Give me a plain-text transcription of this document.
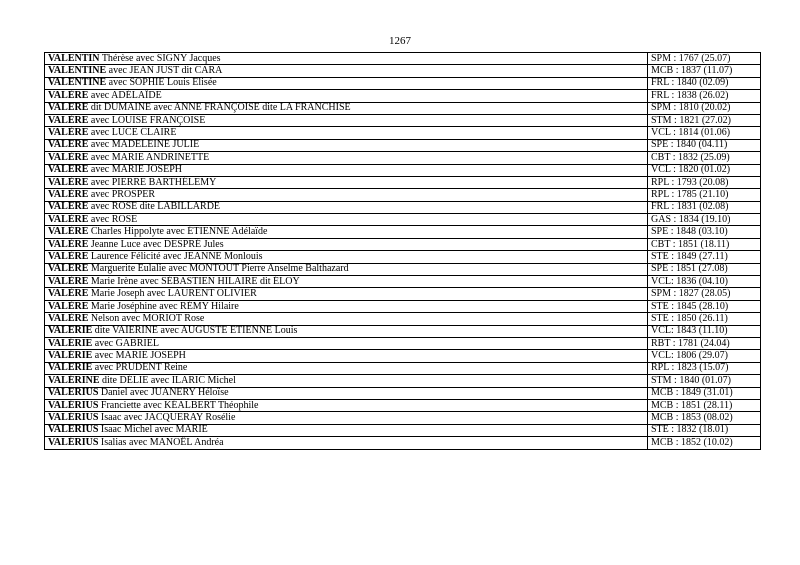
1267
VALENTIN Thérèse avec SIGNY Jacques	SPM : 1767 (25.07)
VALENTINE avec JEAN JUST dit CARA	MCB : 1837 (11.07)
VALENTINE avec SOPHIE Louis Élisée	FRL : 1840 (02.09)
VALÈRE avec ADÉLAÏDE	FRL : 1838 (26.02)
VALÈRE dit DUMAINE avec ANNE FRANÇOISE dite LA FRANCHISE	SPM : 1810 (20.02)
VALÈRE avec LOUISE FRANÇOISE	STM : 1821 (27.02)
VALÈRE avec LUCE CLAIRE	VCL : 1814 (01.06)
VALÈRE avec MADELEINE JULIE	SPE : 1840 (04.11)
VALÈRE avec MARIE ANDRINETTE	CBT : 1832 (25.09)
VALÈRE avec MARIE JOSEPH	VCL : 1820 (01.02)
VALÈRE avec PIERRE BARTHÉLEMY	RPL : 1793 (20.08)
VALÈRE avec PROSPER	RPL : 1785 (21.10)
VALÈRE avec ROSE dite LABILLARDE	FRL : 1831 (02.08)
VALÈRE avec ROSE	GAS : 1834 (19.10)
VALÈRE Charles Hippolyte avec ÉTIENNE Adélaïde	SPE : 1848 (03.10)
VALÈRE Jeanne Luce avec DESPRÉ Jules	CBT : 1851 (18.11)
VALÈRE Laurence Félicité avec JEANNE Monlouis	STE : 1849 (27.11)
VALÈRE Marguerite Eulalie avec MONTOUT Pierre Anselme Balthazard	SPE : 1851 (27.08)
VALÈRE Marie Irène avec SÉBASTIEN HILAIRE dit ÉLOY	VCL: 1836 (04.10)
VALÈRE Marie Joseph avec LAURENT OLIVIER	SPM : 1827 (28.05)
VALÈRE Marie Joséphine avec RÉMY Hilaire	STE : 1845 (28.10)
VALÈRE Nelson avec MORIOT Rose	STE : 1850 (26.11)
VALÉRIE dite VAÏERINE avec AUGUSTE ÉTIENNE Louis	VCL: 1843 (11.10)
VALÉRIE avec GABRIEL	RBT : 1781 (24.04)
VALÉRIE avec MARIE JOSEPH	VCL: 1806 (29.07)
VALÉRIE avec PRUDENT Reine	RPL : 1823 (15.07)
VALÉRINE dite DÉLIE avec ILARIC Michel	STM : 1840 (01.07)
VALÉRIUS Daniel avec JUANERY Héloïse	MCB : 1849 (31.01)
VALÉRIUS Franciette avec KÉALBERT Théophile	MCB : 1851 (28.11)
VALÉRIUS Isaac avec JACQUERAY Rosélie	MCB : 1853 (08.02)
VALÉRIUS Isaac Michel avec MARIE	STE : 1832 (18.01)
VALÉRIUS Isalias avec MANOËL Andréa	MCB : 1852 (10.02)
